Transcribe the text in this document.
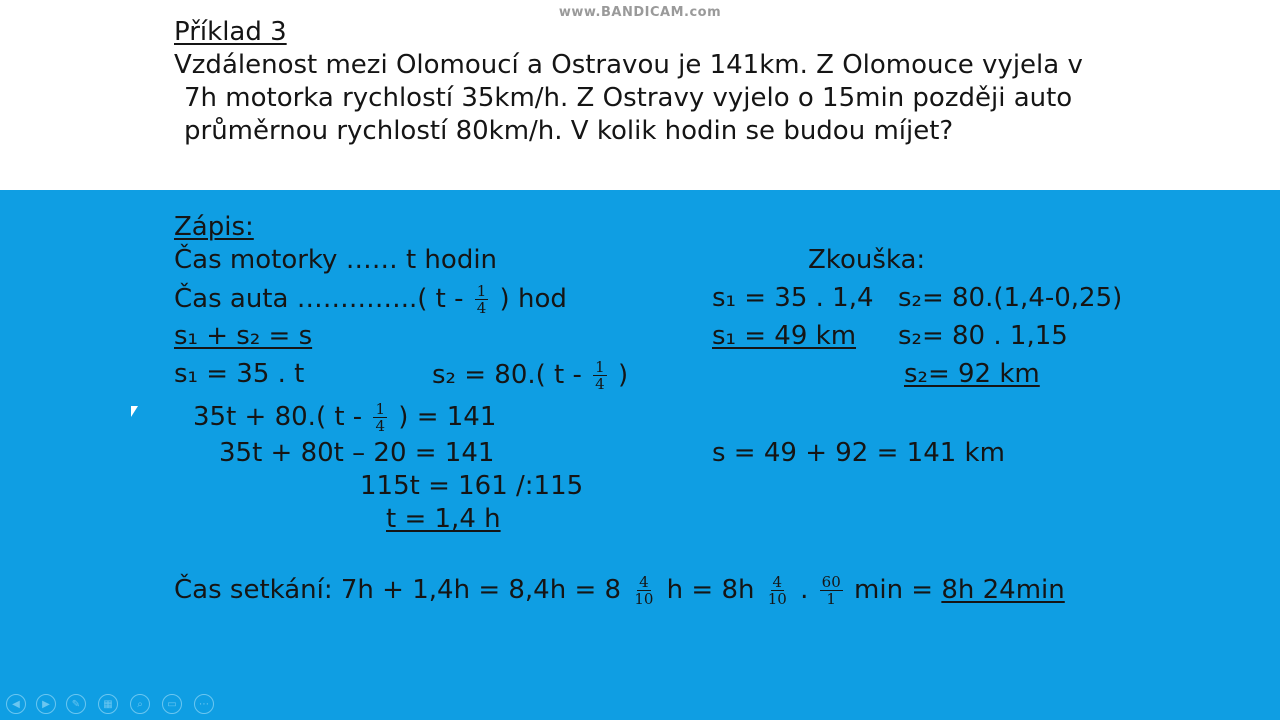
www.BANDICAM.com
Příklad 3
Vzdálenost mezi Olomoucí a Ostravou je 141km. Z Olomouce vyjela v
7h motorka rychlostí 35km/h. Z Ostravy vyjelo o 15min později auto
průměrnou rychlostí 80km/h. V kolik hodin se budou míjet?
Zápis:
Čas motorky …… t hodin
Čas auta …………..( t - $\frac{1}{4}$ ) hod
s₁ + s₂ = s
s₁ = 35 . t	s₂ = 80.( t - $\frac{1}{4}$ )
35t + 80.( t - $\frac{1}{4}$ ) = 141
35t + 80t – 20 = 141
115t = 161 /:115
t = 1,4 h
Čas setkání: $7h + 1,4h = 8,4h = 8 \frac{4}{10}$ $h = 8h \frac{4}{10}$ . $\frac{60}{1}$ min = 8h 24min
Zkouška:
s₁ = 35 . 1,4 s₂= 80.(1,4-0,25)
s₁ = 49 km s₂= 80 . 1,15
s₂= 92 km
s = 49 + 92 = 141 km
◀	▶	✎	▦	⌕	▭	⋯
